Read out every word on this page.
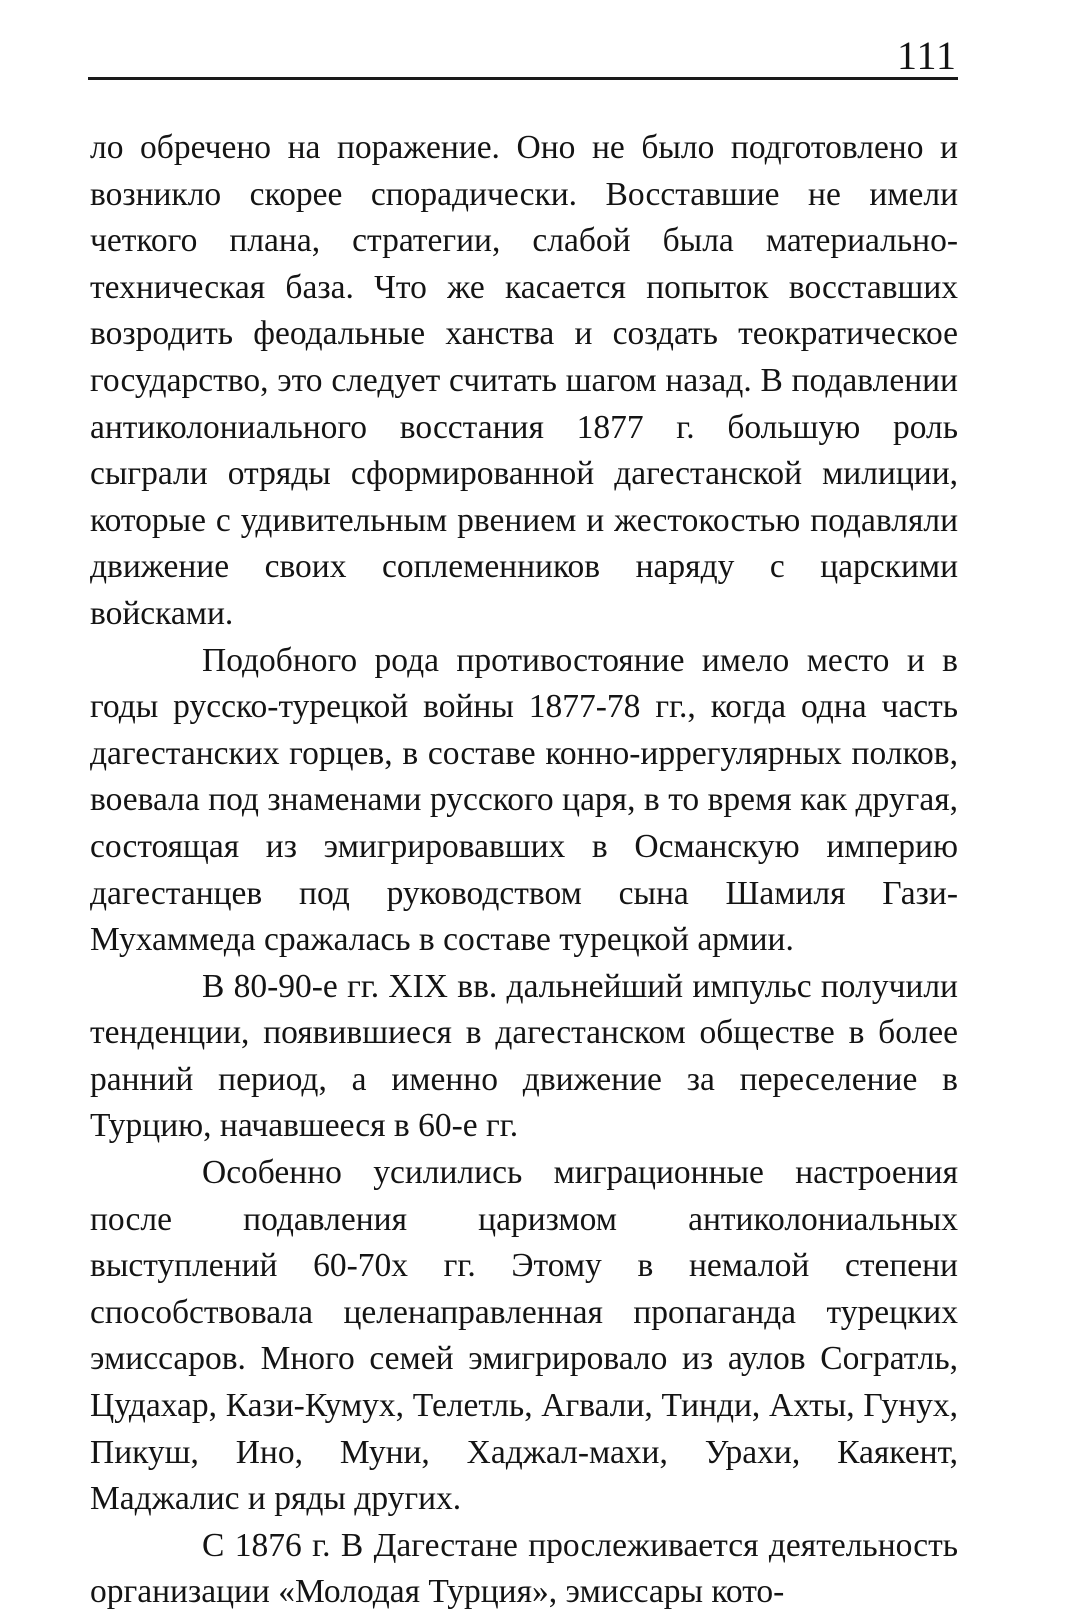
111

ло обречено на поражение. Оно не было подготовлено и возникло скорее спорадически. Восставшие не имели четкого плана, стратегии, слабой была материально-техническая база. Что же касается попыток восставших возродить феодальные ханства и создать теократическое государство, это следует считать шагом назад. В подавлении антиколониального восстания 1877 г. большую роль сыграли отряды сформированной дагестанской милиции, которые с удивительным рвением и жестокостью подавляли движение своих соплеменников наряду с царскими войсками.

Подобного рода противостояние имело место и в годы русско-турецкой войны 1877-78 гг., когда одна часть дагестанских горцев, в составе конно-иррегулярных полков, воевала под знаменами русского царя, в то время как другая, состоящая из эмигрировавших в Османскую империю дагестанцев под руководством сына Шамиля Гази-Мухаммеда сражалась в составе турецкой армии.

В 80-90-е гг. XIX вв. дальнейший импульс получили тенденции, появившиеся в дагестанском обществе в более ранний период, а именно движение за переселение в Турцию, начавшееся в 60-е гг.

Особенно усилились миграционные настроения после подавления царизмом антиколониальных выступлений 60-70х гг. Этому в немалой степени способствовала целенаправленная пропаганда турецких эмиссаров. Много семей эмигрировало из аулов Согратль, Цудахар, Кази-Кумух, Телетль, Агвали, Тинди, Ахты, Гунух, Пикуш, Ино, Муни, Хаджал-махи, Урахи, Каякент, Маджалис и ряды других.

С 1876 г. В Дагестане прослеживается деятельность организации «Молодая Турция», эмиссары кото-
